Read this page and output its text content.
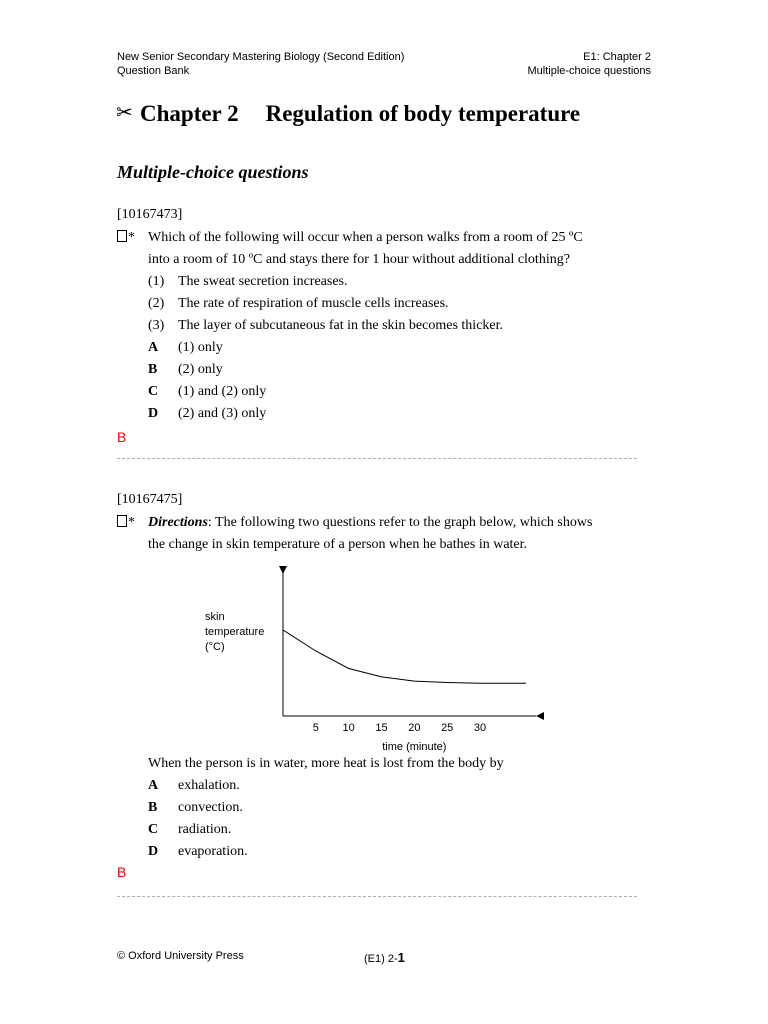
New Senior Secondary Mastering Biology (Second Edition)
Question Bank
E1: Chapter 2
Multiple-choice questions
✂ Chapter 2 Regulation of body temperature
Multiple-choice questions
[10167473]
* Which of the following will occur when a person walks from a room of 25 ºC
into a room of 10 ºC and stays there for 1 hour without additional clothing?
(1) The sweat secretion increases.
(2) The rate of respiration of muscle cells increases.
(3) The layer of subcutaneous fat in the skin becomes thicker.
A (1) only
B (2) only
C (1) and (2) only
D (2) and (3) only
B
[10167475]
* Directions: The following two questions refer to the graph below, which shows
the change in skin temperature of a person when he bathes in water.
5 10 15 20 25 30
time (minute)
skin
temperature
(°C)
When the person is in water, more heat is lost from the body by
A exhalation.
B convection.
C radiation.
D evaporation.
B
© Oxford University Press	(E1) 2-1
